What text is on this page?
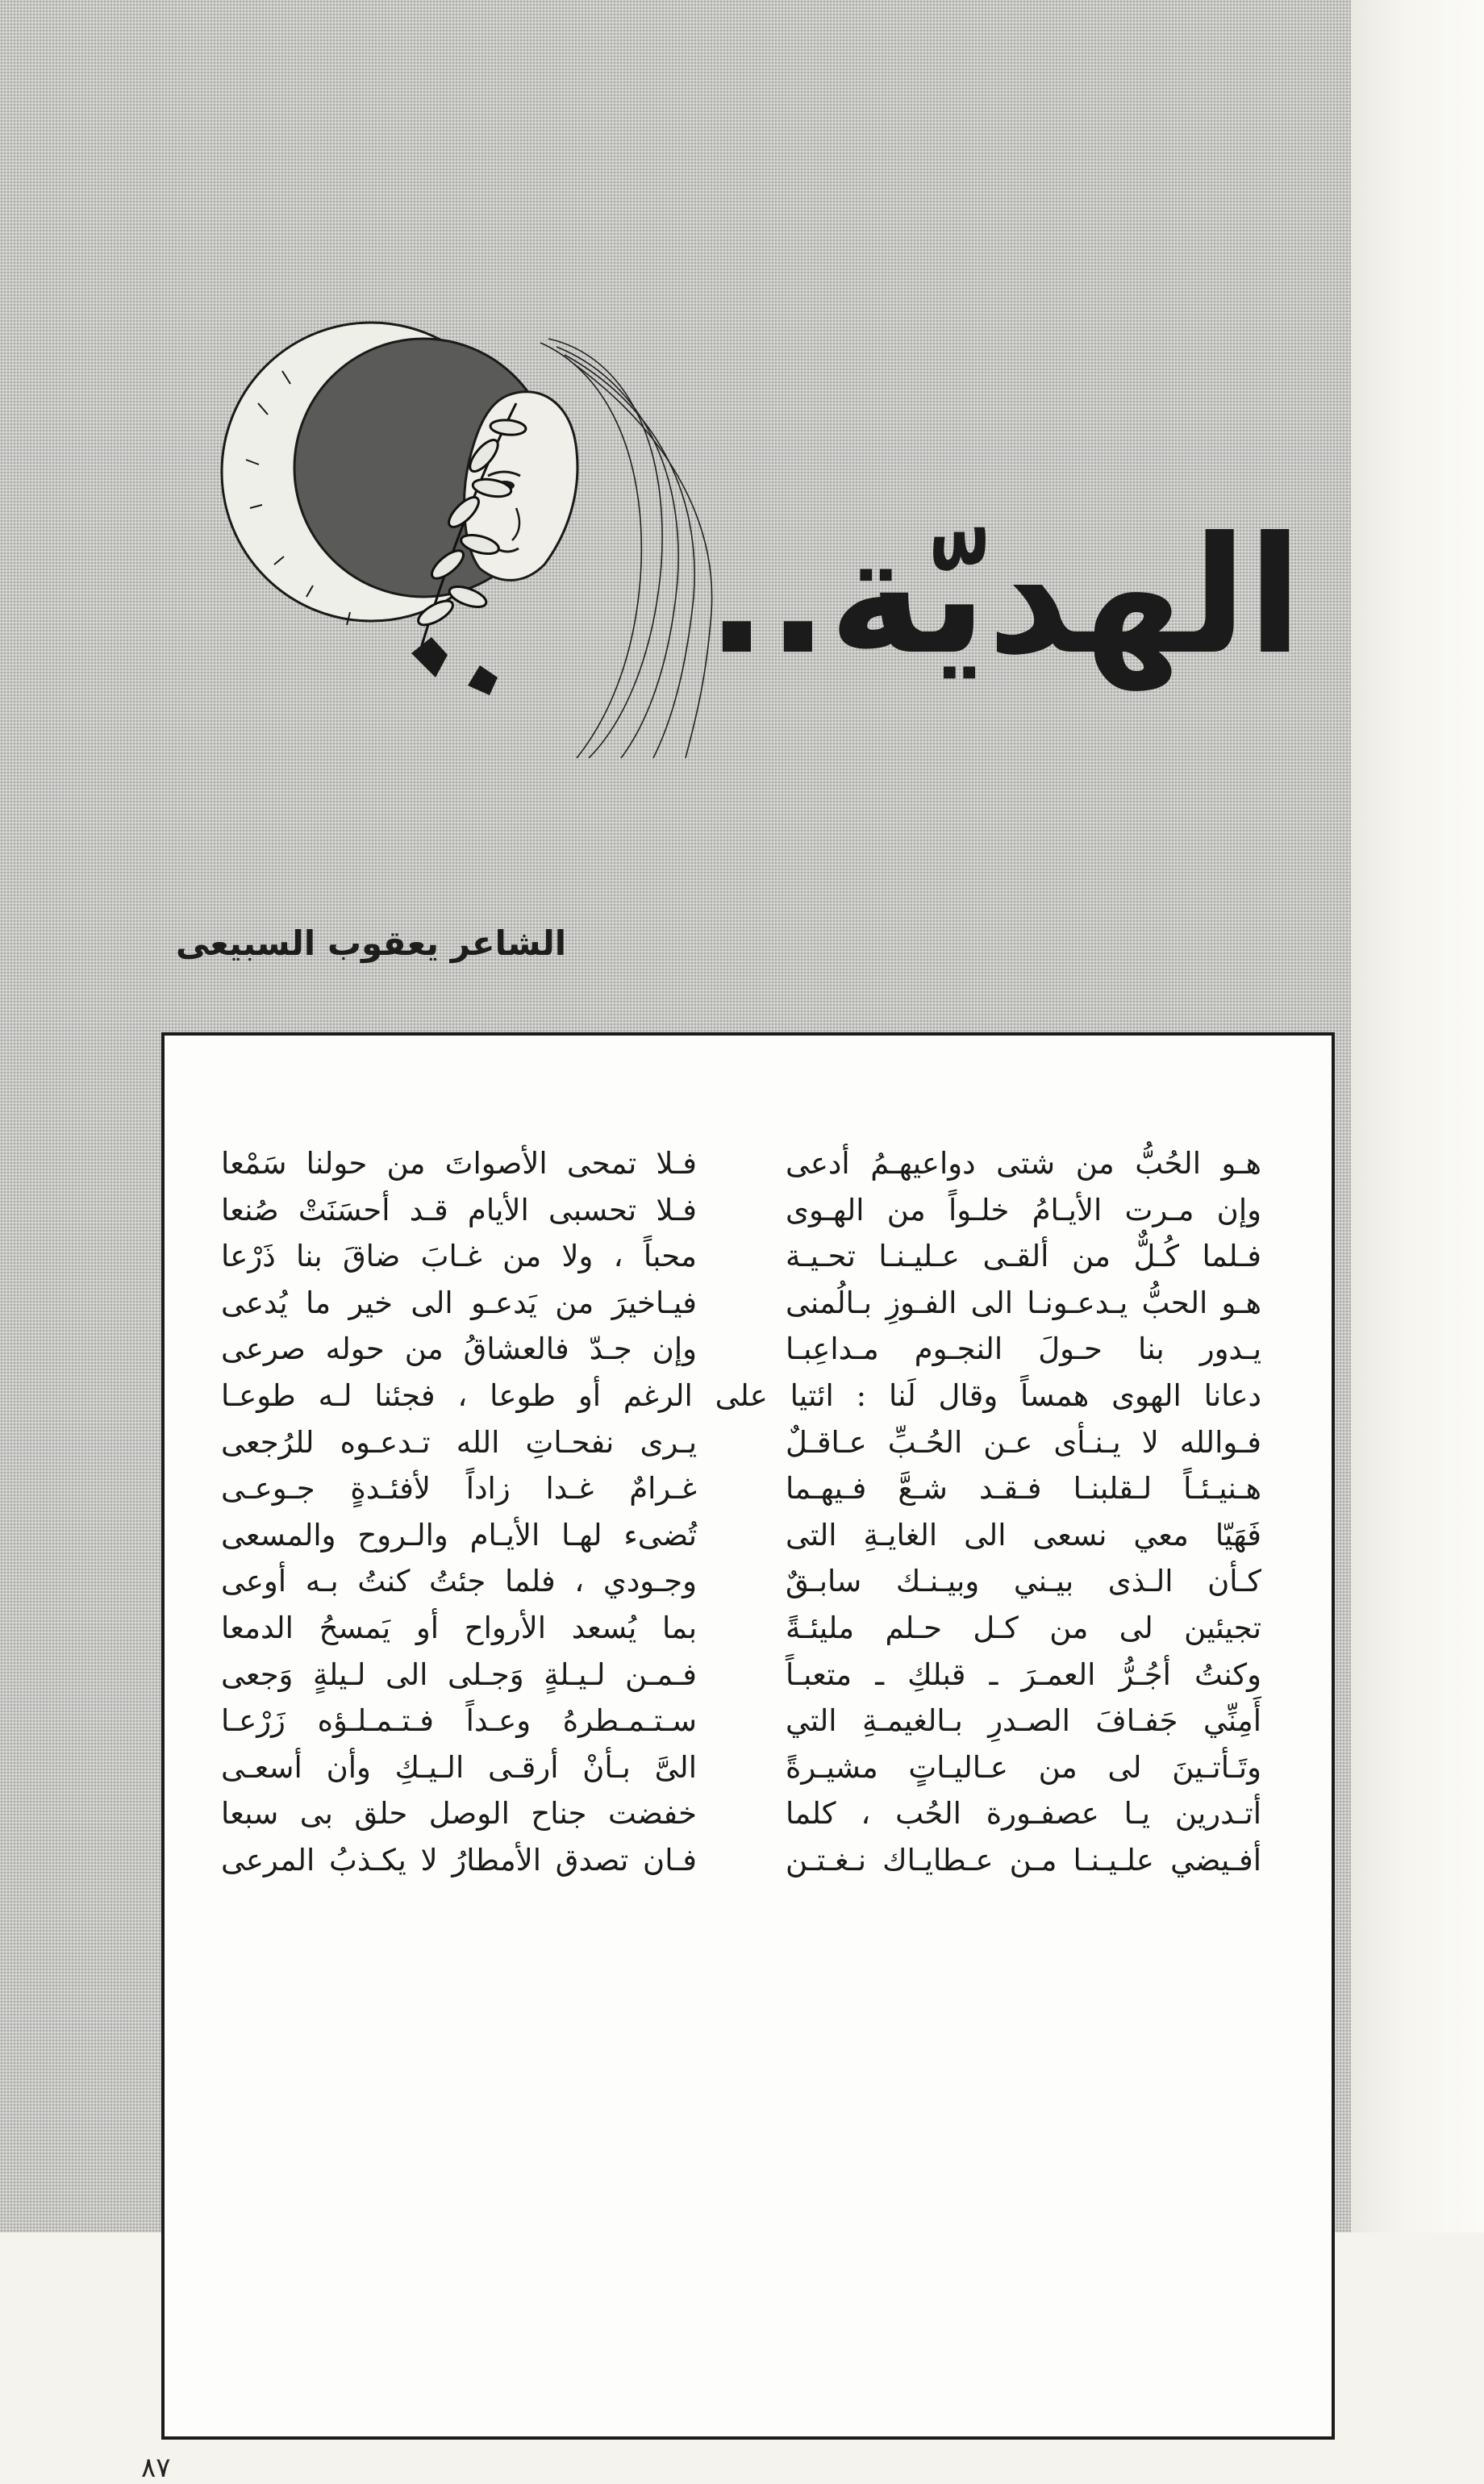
الهديّة..
الشاعر يعقوب السبيعى
هـو الحُبُّ من شتى دواعيهـمُ أدعى
وإن مـرت الأيـامُ خلـواً من الهـوى
فـلما كُـلٌّ من ألقـى عـليـنـا تحـيـة
هـو الحبُّ يـدعـونـا الى الفـوزِ بـالُمنى
يـدور بنا حـولَ النجـوم مـداعِبـا
دعانا الهوى همساً وقال لَنا : ائتيا على الرغم أو طوعا ، فجئنا لـه طوعـا
فـوالله لا يـنـأى عـن الحُـبِّ عـاقـلٌ
هـنيـئـاً لـقلبنـا فـقـد شـعَّ فـيهـما
فَهَيّا معي نسعى الى الغايـةِ التى
كـأن الـذى بيـني وبيـنـك سابـقٌ
تجيئين لى من كـل حـلم مليئـةً
وكنتُ أجُـرُّ العمـرَ ـ قبلكِ ـ متعبـاً
أَمِنِّي جَفـافَ الصـدرِ بـالغيمـةِ التي
وتَـأتـينَ لى من عـاليـاتٍ مشيـرةً
أتـدرين يـا عصفـورة الحُب ، كلما
أفـيضي علـيـنـا مـن عـطايـاك نـغـتـن
فـلا تمحى الأصواتَ من حولنا سَمْعا
فـلا تحسبى الأيام قـد أحسَنَتْ صُنعا
محباً ، ولا من غـابَ ضاقَ بنا ذَرْعا
فيـاخيرَ من يَدعـو الى خير ما يُدعى
وإن جـدّ فالعشاقُ من حوله صرعى
يـرى نفحـاتِ الله تـدعـوه للرُجعى
غـرامٌ غـدا زاداً لأفئـدةٍ جـوعـى
تُضىء لهـا الأيـام والـروح والمسعى
وجـودي ، فلما جئتُ كنتُ بـه أوعى
بما يُسعد الأرواح أو يَمسحُ الدمعا
فـمـن لـيـلةٍ وَجـلى الى لـيلةٍ وَجعى
سـتـمـطرهُ وعـداً فـتـمـلـؤه زَرْعـا
الىَّ بـأنْ أرقـى الـيـكِ وأن أسعـى
خفضت جناح الوصل حلق بى سبعا
فـان تصدق الأمطارُ لا يكـذبُ المرعى
٨٧
